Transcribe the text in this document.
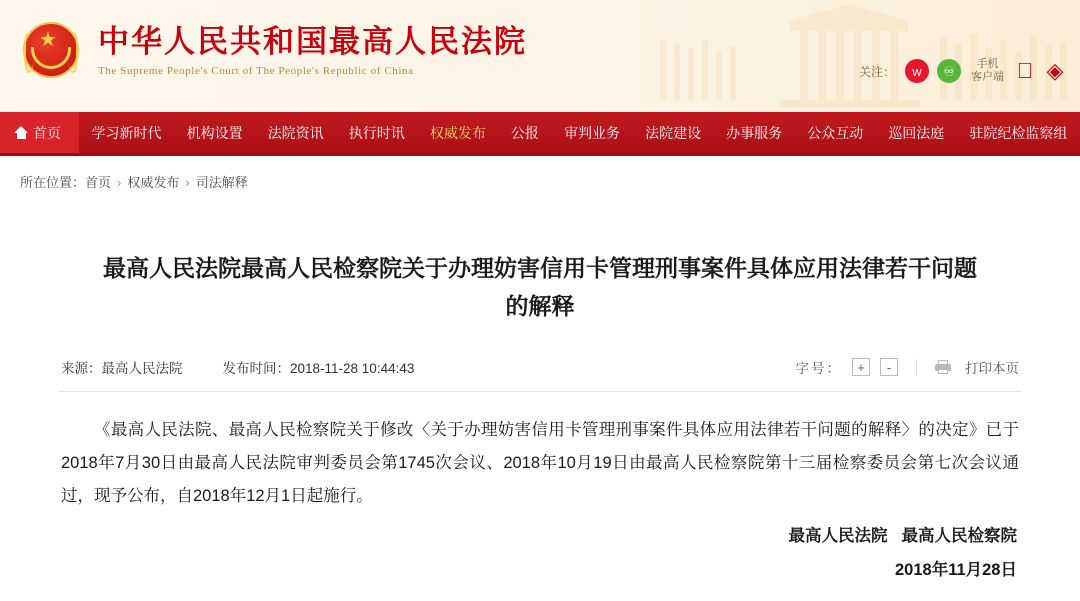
★ 中华人民共和国最高人民法院
The Supreme People's Court of The People's Republic of China	关注：	w	♾	手机
客户端 ◈
首页	学习新时代	机构设置	法院资讯	执行时讯	权威发布	公报	审判业务	法院建设	办事服务	公众互动	巡回法庭	驻院纪检监察组
所在位置：首页 › 权威发布 › 司法解释
最高人民法院最高人民检察院关于办理妨害信用卡管理刑事案件具体应用法律若干问题的解释
来源：最高人民法院	发布时间：2018-11-28 10:44:43	字号：	+	-	打印本页

《最高人民法院、最高人民检察院关于修改〈关于办理妨害信用卡管理刑事案件具体应用法律若干问题的解释〉的决定》已于2018年7月30日由最高人民法院审判委员会第1745次会议、2018年10月19日由最高人民检察院第十三届检察委员会第七次会议通过，现予公布，自2018年12月1日起施行。

最高人民法院 最高人民检察院
2018年11月28日
